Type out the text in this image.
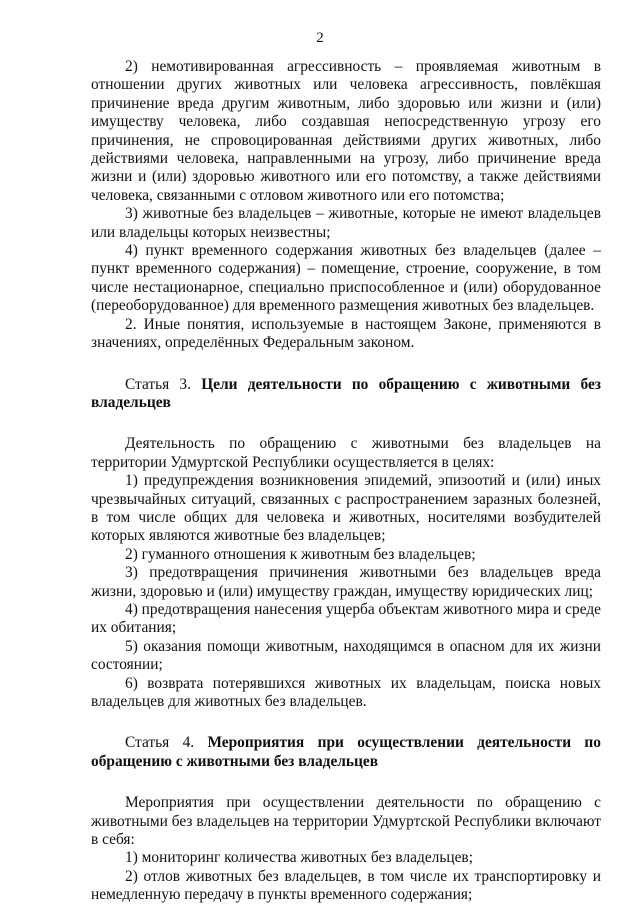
2

2) немотивированная агрессивность – проявляемая животным в отношении других животных или человека агрессивность, повлёкшая причинение вреда другим животным, либо здоровью или жизни и (или) имуществу человека, либо создавшая непосредственную угрозу его причинения, не спровоцированная действиями других животных, либо действиями человека, направленными на угрозу, либо причинение вреда жизни и (или) здоровью животного или его потомству, а также действиями человека, связанными с отловом животного или его потомства;

3) животные без владельцев – животные, которые не имеют владельцев или владельцы которых неизвестны;

4) пункт временного содержания животных без владельцев (далее – пункт временного содержания) – помещение, строение, сооружение, в том числе нестационарное, специально приспособленное и (или) оборудованное (переоборудованное) для временного размещения животных без владельцев.

2. Иные понятия, используемые в настоящем Законе, применяются в значениях, определённых Федеральным законом.

Статья 3. Цели деятельности по обращению с животными без владельцев

Деятельность по обращению с животными без владельцев на территории Удмуртской Республики осуществляется в целях:

1) предупреждения возникновения эпидемий, эпизоотий и (или) иных чрезвычайных ситуаций, связанных с распространением заразных болезней, в том числе общих для человека и животных, носителями возбудителей которых являются животные без владельцев;

2) гуманного отношения к животным без владельцев;

3) предотвращения причинения животными без владельцев вреда жизни, здоровью и (или) имуществу граждан, имуществу юридических лиц;

4) предотвращения нанесения ущерба объектам животного мира и среде их обитания;

5) оказания помощи животным, находящимся в опасном для их жизни состоянии;

6) возврата потерявшихся животных их владельцам, поиска новых владельцев для животных без владельцев.

Статья 4. Мероприятия при осуществлении деятельности по обращению с животными без владельцев

Мероприятия при осуществлении деятельности по обращению с животными без владельцев на территории Удмуртской Республики включают в себя:

1) мониторинг количества животных без владельцев;

2) отлов животных без владельцев, в том числе их транспортировку и немедленную передачу в пункты временного содержания;
